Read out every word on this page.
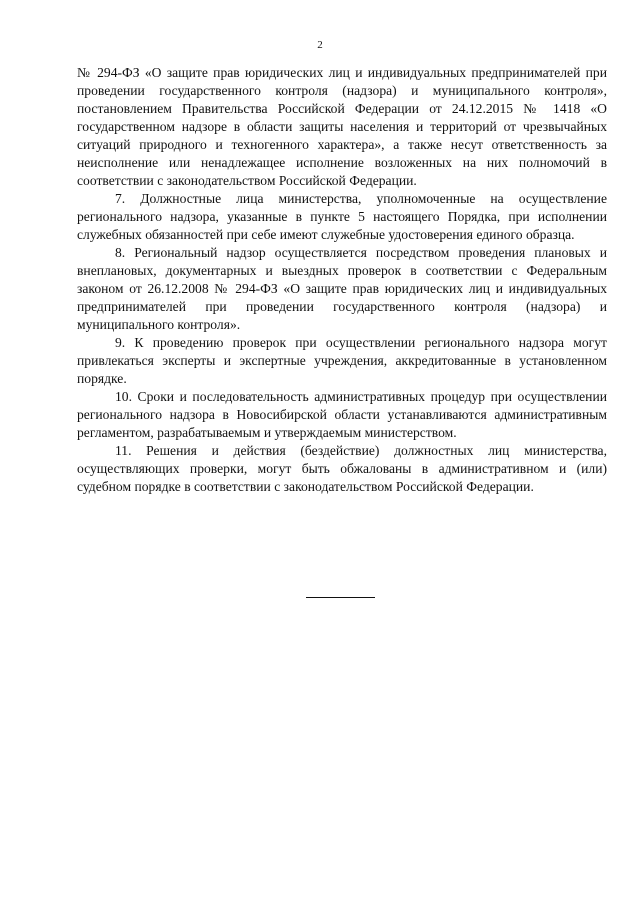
2

№ 294-ФЗ «О защите прав юридических лиц и индивидуальных предпринимателей при проведении государственного контроля (надзора) и муниципального контроля», постановлением Правительства Российской Федерации от 24.12.2015 № 1418 «О государственном надзоре в области защиты населения и территорий от чрезвычайных ситуаций природного и техногенного характера», а также несут ответственность за неисполнение или ненадлежащее исполнение возложенных на них полномочий в соответствии с законодательством Российской Федерации.

7. Должностные лица министерства, уполномоченные на осуществление регионального надзора, указанные в пункте 5 настоящего Порядка, при исполнении служебных обязанностей при себе имеют служебные удостоверения единого образца.

8. Региональный надзор осуществляется посредством проведения плановых и внеплановых, документарных и выездных проверок в соответствии с Федеральным законом от 26.12.2008 № 294-ФЗ «О защите прав юридических лиц и индивидуальных предпринимателей при проведении государственного контроля (надзора) и муниципального контроля».

9. К проведению проверок при осуществлении регионального надзора могут привлекаться эксперты и экспертные учреждения, аккредитованные в установленном порядке.

10. Сроки и последовательность административных процедур при осуществлении регионального надзора в Новосибирской области устанавливаются административным регламентом, разрабатываемым и утверждаемым министерством.

11. Решения и действия (бездействие) должностных лиц министерства, осуществляющих проверки, могут быть обжалованы в административном и (или) судебном порядке в соответствии с законодательством Российской Федерации.
